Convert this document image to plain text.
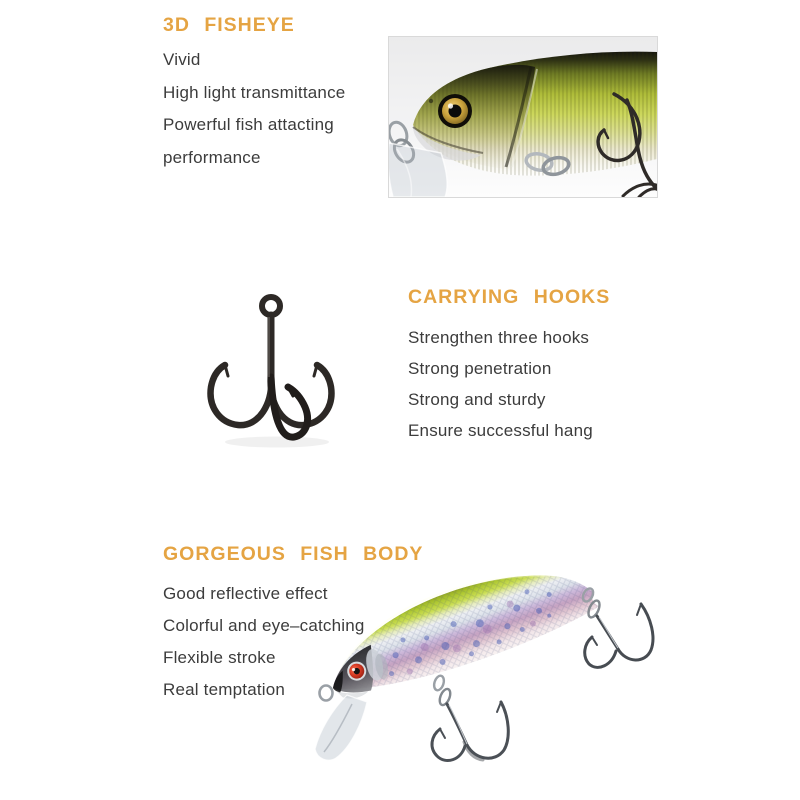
3D FISHEYE

Vivid

High light transmittance

Powerful fish attacting

performance

CARRYING HOOKS

Strengthen three hooks

Strong penetration

Strong and sturdy

Ensure successful hang

GORGEOUS FISH BODY

Good reflective effect

Colorful and eye–catching

Flexible stroke

Real temptation
